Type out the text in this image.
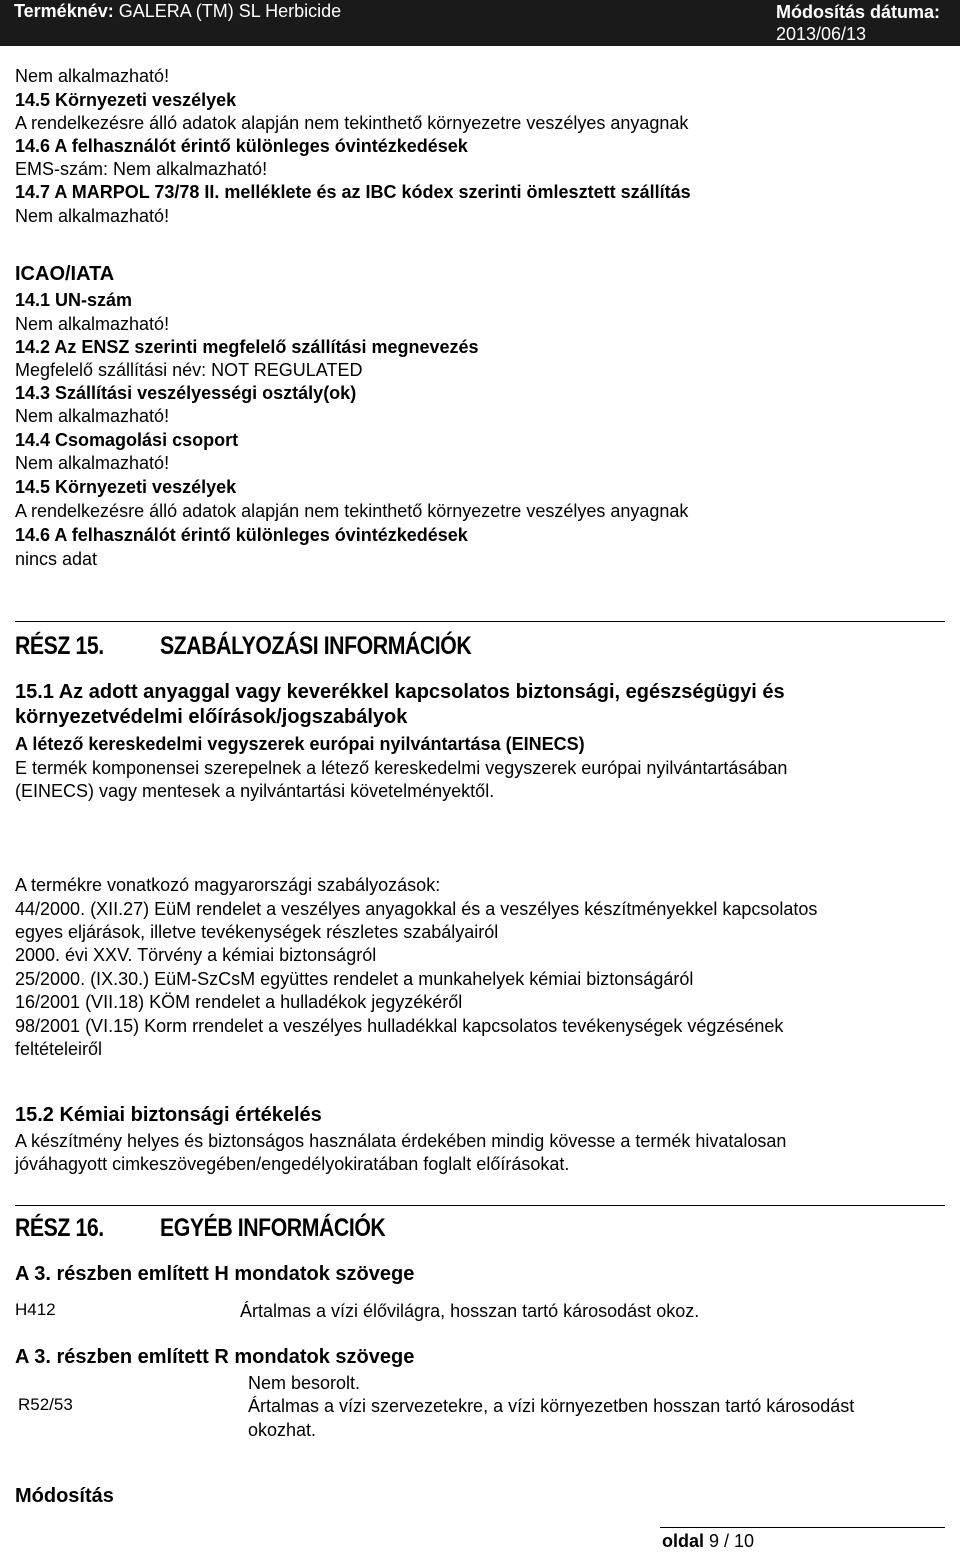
Terméknév: GALERA (TM) SL Herbicide	Módosítás dátuma:
2013/06/13
Nem alkalmazható!
14.5 Környezeti veszélyek
A rendelkezésre álló adatok alapján nem tekinthető környezetre veszélyes anyagnak
14.6 A felhasználót érintő különleges óvintézkedések
EMS-szám: Nem alkalmazható!
14.7 A MARPOL 73/78 II. melléklete és az IBC kódex szerinti ömlesztett szállítás
Nem alkalmazható!
ICAO/IATA
14.1 UN-szám
Nem alkalmazható!
14.2 Az ENSZ szerinti megfelelő szállítási megnevezés
Megfelelő szállítási név: NOT REGULATED
14.3 Szállítási veszélyességi osztály(ok)
Nem alkalmazható!
14.4 Csomagolási csoport
Nem alkalmazható!
14.5 Környezeti veszélyek
A rendelkezésre álló adatok alapján nem tekinthető környezetre veszélyes anyagnak
14.6 A felhasználót érintő különleges óvintézkedések
nincs adat
RÉSZ 15. SZABÁLYOZÁSI INFORMÁCIÓK
15.1 Az adott anyaggal vagy keverékkel kapcsolatos biztonsági, egészségügyi és
környezetvédelmi előírások/jogszabályok
A létező kereskedelmi vegyszerek európai nyilvántartása (EINECS)
E termék komponensei szerepelnek a létező kereskedelmi vegyszerek európai nyilvántartásában
(EINECS) vagy mentesek a nyilvántartási követelményektől.
A termékre vonatkozó magyarországi szabályozások:
44/2000. (XII.27) EüM rendelet a veszélyes anyagokkal és a veszélyes készítményekkel kapcsolatos
egyes eljárások, illetve tevékenységek részletes szabályairól
2000. évi XXV. Törvény a kémiai biztonságról
25/2000. (IX.30.) EüM-SzCsM együttes rendelet a munkahelyek kémiai biztonságáról
16/2001 (VII.18) KÖM rendelet a hulladékok jegyzékéről
98/2001 (VI.15) Korm rrendelet a veszélyes hulladékkal kapcsolatos tevékenységek végzésének
feltételeiről
15.2 Kémiai biztonsági értékelés
A készítmény helyes és biztonságos használata érdekében mindig kövesse a termék hivatalosan
jóváhagyott cimkeszövegében/engedélyokiratában foglalt előírásokat.
RÉSZ 16. EGYÉB INFORMÁCIÓK
A 3. részben említett H mondatok szövege
H412	Ártalmas a vízi élővilágra, hosszan tartó károsodást okoz.
A 3. részben említett R mondatok szövege
Nem besorolt.
R52/53	Ártalmas a vízi szervezetekre, a vízi környezetben hosszan tartó károsodást
okozhat.
Módosítás
oldal 9 / 10
